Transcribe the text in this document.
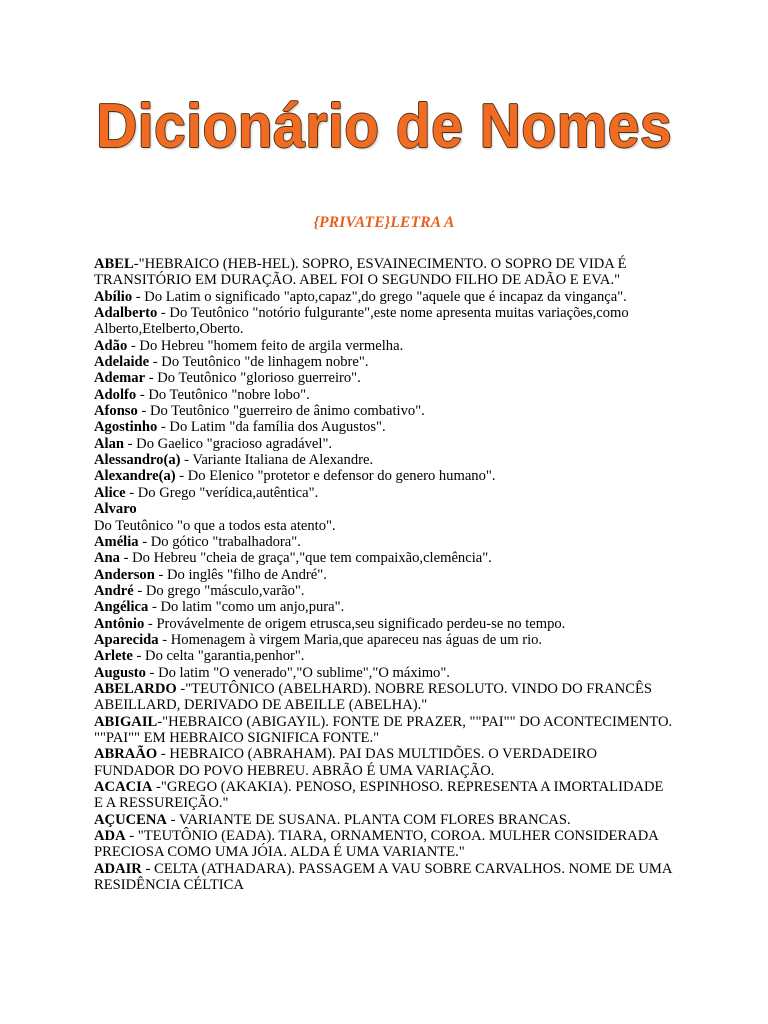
Dicionário de Nomes
{PRIVATE}LETRA A
ABEL-"HEBRAICO (HEB-HEL). SOPRO, ESVAINECIMENTO. O SOPRO DE VIDA É TRANSITÓRIO EM DURAÇÃO. ABEL FOI O SEGUNDO FILHO DE ADÃO E EVA."
Abílio - Do Latim o significado "apto,capaz",do grego "aquele que é incapaz da vingança".
Adalberto - Do Teutônico "notório fulgurante",este nome apresenta muitas variações,como Alberto,Etelberto,Oberto.
Adão - Do Hebreu "homem feito de argila vermelha.
Adelaide - Do Teutônico "de linhagem nobre".
Ademar - Do Teutônico "glorioso guerreiro".
Adolfo - Do Teutônico "nobre lobo".
Afonso - Do Teutônico "guerreiro de ânimo combativo".
Agostinho - Do Latim "da família dos Augustos".
Alan - Do Gaelico "gracioso agradável".
Alessandro(a) - Variante Italiana de Alexandre.
Alexandre(a) - Do Elenico "protetor e defensor do genero humano".
Alice - Do Grego "verídica,autêntica".
Alvaro
Do Teutônico "o que a todos esta atento".
Amélia - Do gótico "trabalhadora".
Ana - Do Hebreu "cheia de graça","que tem compaixão,clemência".
Anderson - Do inglês "filho de André".
André - Do grego "másculo,varão".
Angélica - Do latim "como um anjo,pura".
Antônio - Provávelmente de origem etrusca,seu significado perdeu-se no tempo.
Aparecida - Homenagem à virgem Maria,que apareceu nas águas de um rio.
Arlete - Do celta "garantia,penhor".
Augusto - Do latim "O venerado","O sublime","O máximo".
ABELARDO -"TEUTÔNICO (ABELHARD). NOBRE RESOLUTO. VINDO DO FRANCÊS ABEILLARD, DERIVADO DE ABEILLE (ABELHA)."
ABIGAIL-"HEBRAICO (ABIGAYIL). FONTE DE PRAZER, ""PAI"" DO ACONTECIMENTO. ""PAI"" EM HEBRAICO SIGNIFICA FONTE."
ABRAÃO - HEBRAICO (ABRAHAM). PAI DAS MULTIDÕES. O VERDADEIRO FUNDADOR DO POVO HEBREU. ABRÃO É UMA VARIAÇÃO.
ACACIA -"GREGO (AKAKIA). PENOSO, ESPINHOSO. REPRESENTA A IMORTALIDADE E A RESSUREIÇÃO."
AÇUCENA - VARIANTE DE SUSANA. PLANTA COM FLORES BRANCAS.
ADA - "TEUTÔNIO (EADA). TIARA, ORNAMENTO, COROA. MULHER CONSIDERADA PRECIOSA COMO UMA JÓIA. ALDA É UMA VARIANTE."
ADAIR - CELTA (ATHADARA). PASSAGEM A VAU SOBRE CARVALHOS. NOME DE UMA RESIDÊNCIA CÉLTICA
